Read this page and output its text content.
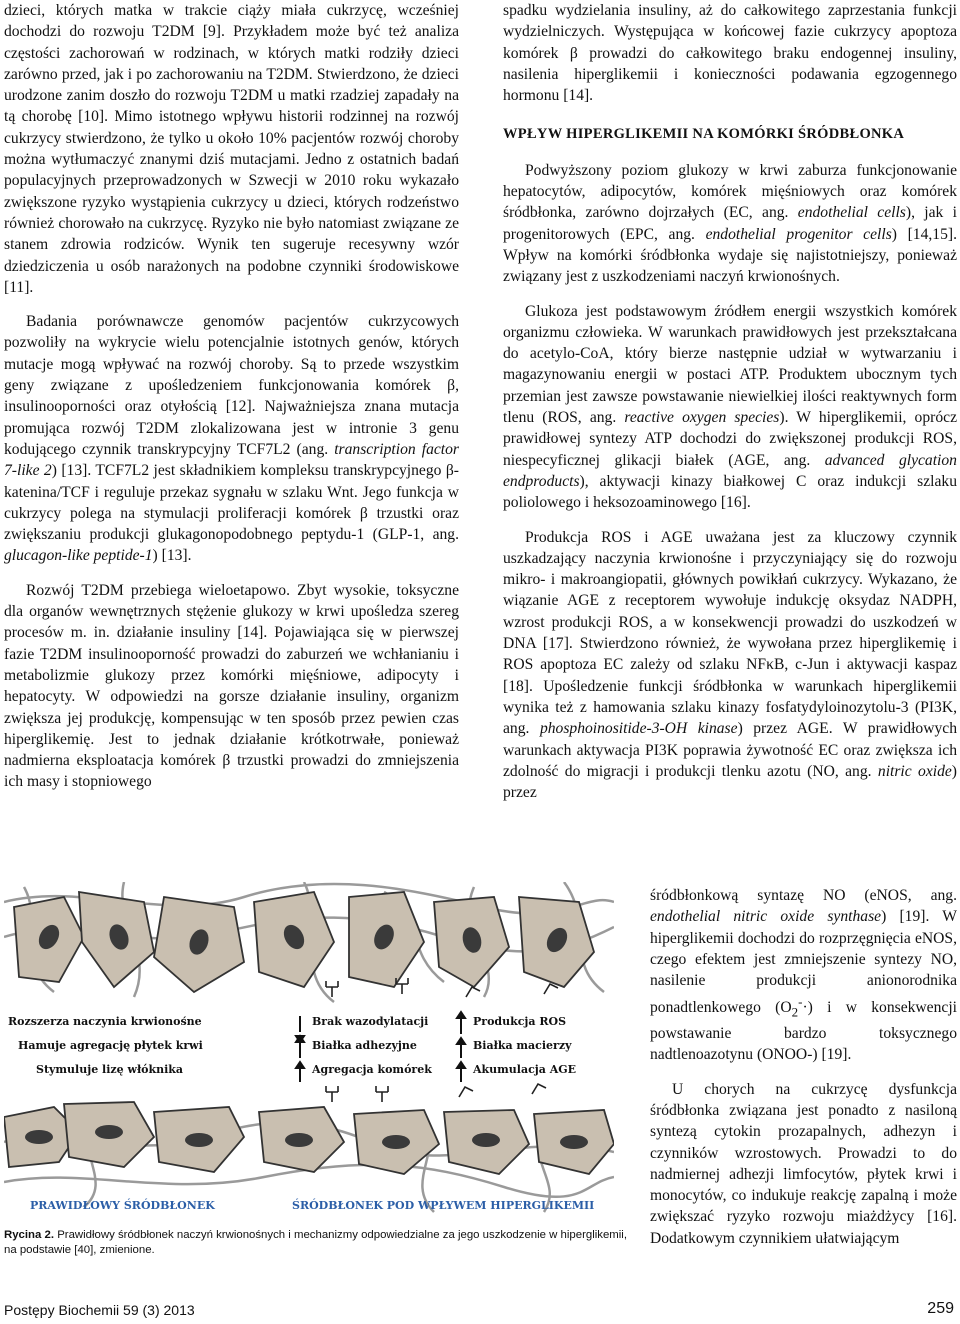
dzieci, których matka w trakcie ciąży miała cukrzycę, wcześniej dochodzi do rozwoju T2DM [9]. Przykładem może być też analiza częstości zachorowań w rodzinach, w których matki rodziły dzieci zarówno przed, jak i po zachorowaniu na T2DM. Stwierdzono, że dzieci urodzone zanim doszło do rozwoju T2DM u matki rzadziej zapadały na tą chorobę [10]. Mimo istotnego wpływu historii rodzinnej na rozwój cukrzycy stwierdzono, że tylko u około 10% pacjentów rozwój choroby można wytłumaczyć znanymi dziś mutacjami. Jedno z ostatnich badań populacyjnych przeprowadzonych w Szwecji w 2010 roku wykazało zwiększone ryzyko wystąpienia cukrzycy u dzieci, których rodzeństwo również chorowało na cukrzycę. Ryzyko nie było natomiast związane ze stanem zdrowia rodziców. Wynik ten sugeruje recesywny wzór dziedziczenia u osób narażonych na podobne czynniki środowiskowe [11].

Badania porównawcze genomów pacjentów cukrzycowych pozwoliły na wykrycie wielu potencjalnie istotnych genów, których mutacje mogą wpływać na rozwój choroby. Są to przede wszystkim geny związane z upośledzeniem funkcjonowania komórek β, insulinooporności oraz otyłością [12]. Najważniejsza znana mutacja promująca rozwój T2DM zlokalizowana jest w intronie 3 genu kodującego czynnik transkrypcyjny TCF7L2 (ang. transcription factor 7-like 2) [13]. TCF7L2 jest składnikiem kompleksu transkrypcyjnego β-katenina/TCF i reguluje przekaz sygnału w szlaku Wnt. Jego funkcja w cukrzycy polega na stymulacji proliferacji komórek β trzustki oraz zwiększaniu produkcji glukagonopodobnego peptydu-1 (GLP-1, ang. glucagon-like peptide-1) [13].

Rozwój T2DM przebiega wieloetapowo. Zbyt wysokie, toksyczne dla organów wewnętrznych stężenie glukozy w krwi upośledza szereg procesów m. in. działanie insuliny [14]. Pojawiająca się w pierwszej fazie T2DM insulinooporność prowadzi do zaburzeń we wchłanianiu i metabolizmie glukozy przez komórki mięśniowe, adipocyty i hepatocyty. W odpowiedzi na gorsze działanie insuliny, organizm zwiększa jej produkcję, kompensując w ten sposób przez pewien czas hiperglikemię. Jest to jednak działanie krótkotrwałe, ponieważ nadmierna eksploatacja komórek β trzustki prowadzi do zmniejszenia ich masy i stopniowego

spadku wydzielania insuliny, aż do całkowitego zaprzestania funkcji wydzielniczych. Występująca w końcowej fazie cukrzycy apoptoza komórek β prowadzi do całkowitego braku endogennej insuliny, nasilenia hiperglikemii i konieczności podawania egzogennego hormonu [14].

WPŁYW HIPERGLIKEMII NA KOMÓRKI ŚRÓDBŁONKA

Podwyższony poziom glukozy w krwi zaburza funkcjonowanie hepatocytów, adipocytów, komórek mięśniowych oraz komórek śródbłonka, zarówno dojrzałych (EC, ang. endothelial cells), jak i progenitorowych (EPC, ang. endothelial progenitor cells) [14,15]. Wpływ na komórki śródbłonka wydaje się najistotniejszy, ponieważ związany jest z uszkodzeniami naczyń krwionośnych.

Glukoza jest podstawowym źródłem energii wszystkich komórek organizmu człowieka. W warunkach prawidłowych jest przekształcana do acetylo-CoA, który bierze następnie udział w wytwarzaniu i magazynowaniu energii w postaci ATP. Produktem ubocznym tych przemian jest zawsze powstawanie niewielkiej ilości reaktywnych form tlenu (ROS, ang. reactive oxygen species). W hiperglikemii, oprócz prawidłowej syntezy ATP dochodzi do zwiększonej produkcji ROS, niespecyficznej glikacji białek (AGE, ang. advanced glycation endproducts), aktywacji kinazy białkowej C oraz indukcji szlaku poliolowego i heksozoaminowego [16].

Produkcja ROS i AGE uważana jest za kluczowy czynnik uszkadzający naczynia krwionośne i przyczyniający się do rozwoju mikro- i makroangiopatii, głównych powikłań cukrzycy. Wykazano, że wiązanie AGE z receptorem wywołuje indukcję oksydaz NADPH, wzrost produkcji ROS, a w konsekwencji prowadzi do uszkodzeń w DNA [17]. Stwierdzono również, że wywołana przez hiperglikemię i ROS apoptoza EC zależy od szlaku NFκB, c-Jun i aktywacji kaspaz [18]. Upośledzenie funkcji śródbłonka w warunkach hiperglikemii wynika też z hamowania szlaku kinazy fosfatydyloinozytolu-3 (PI3K, ang. phosphoinositide-3-OH kinase) przez AGE. W prawidłowych warunkach aktywacja PI3K poprawia żywotność EC oraz zwiększa ich zdolność do migracji i produkcji tlenku azotu (NO, ang. nitric oxide) przez

śródbłonkową syntazę NO (eNOS, ang. endothelial nitric oxide synthase) [19]. W hiperglikemii dochodzi do rozprzęgnięcia eNOS, czego efektem jest zmniejszenie syntezy NO, nasilenie produkcji anionorodnika ponadtlenkowego $(O_2^-\cdot)$ i w konsekwencji powstawanie bardzo toksycznego nadtlenoazotynu (ONOO-) [19].

U chorych na cukrzycę dysfunkcja śródbłonka związana jest ponadto z nasiloną syntezą cytokin prozapalnych, adhezyn i czynników wzrostowych. Prowadzi to do nadmiernej adhezji limfocytów, płytek krwi i monocytów, co indukuje reakcję zapalną i może zwiększać ryzyko rozwoju miażdżycy [16]. Dodatkowym czynnikiem ułatwiającym

Rozszerza naczynia krwionośne
Hamuje agregację płytek krwi
Stymuluje lizę włóknika
Brak wazodylatacji
Białka adhezyjne
Agregacja komórek
Produkcja ROS
Białka macierzy
Akumulacja AGE
PRAWIDŁOWY ŚRÓDBŁONEK	ŚRÓDBŁONEK POD WPŁYWEM HIPERGLIKEMII
Rycina 2. Prawidłowy śródbłonek naczyń krwionośnych i mechanizmy odpowiedzialne za jego uszkodzenie w hiperglikemii, na podstawie [40], zmienione.
Postępy Biochemii 59 (3) 2013	259
